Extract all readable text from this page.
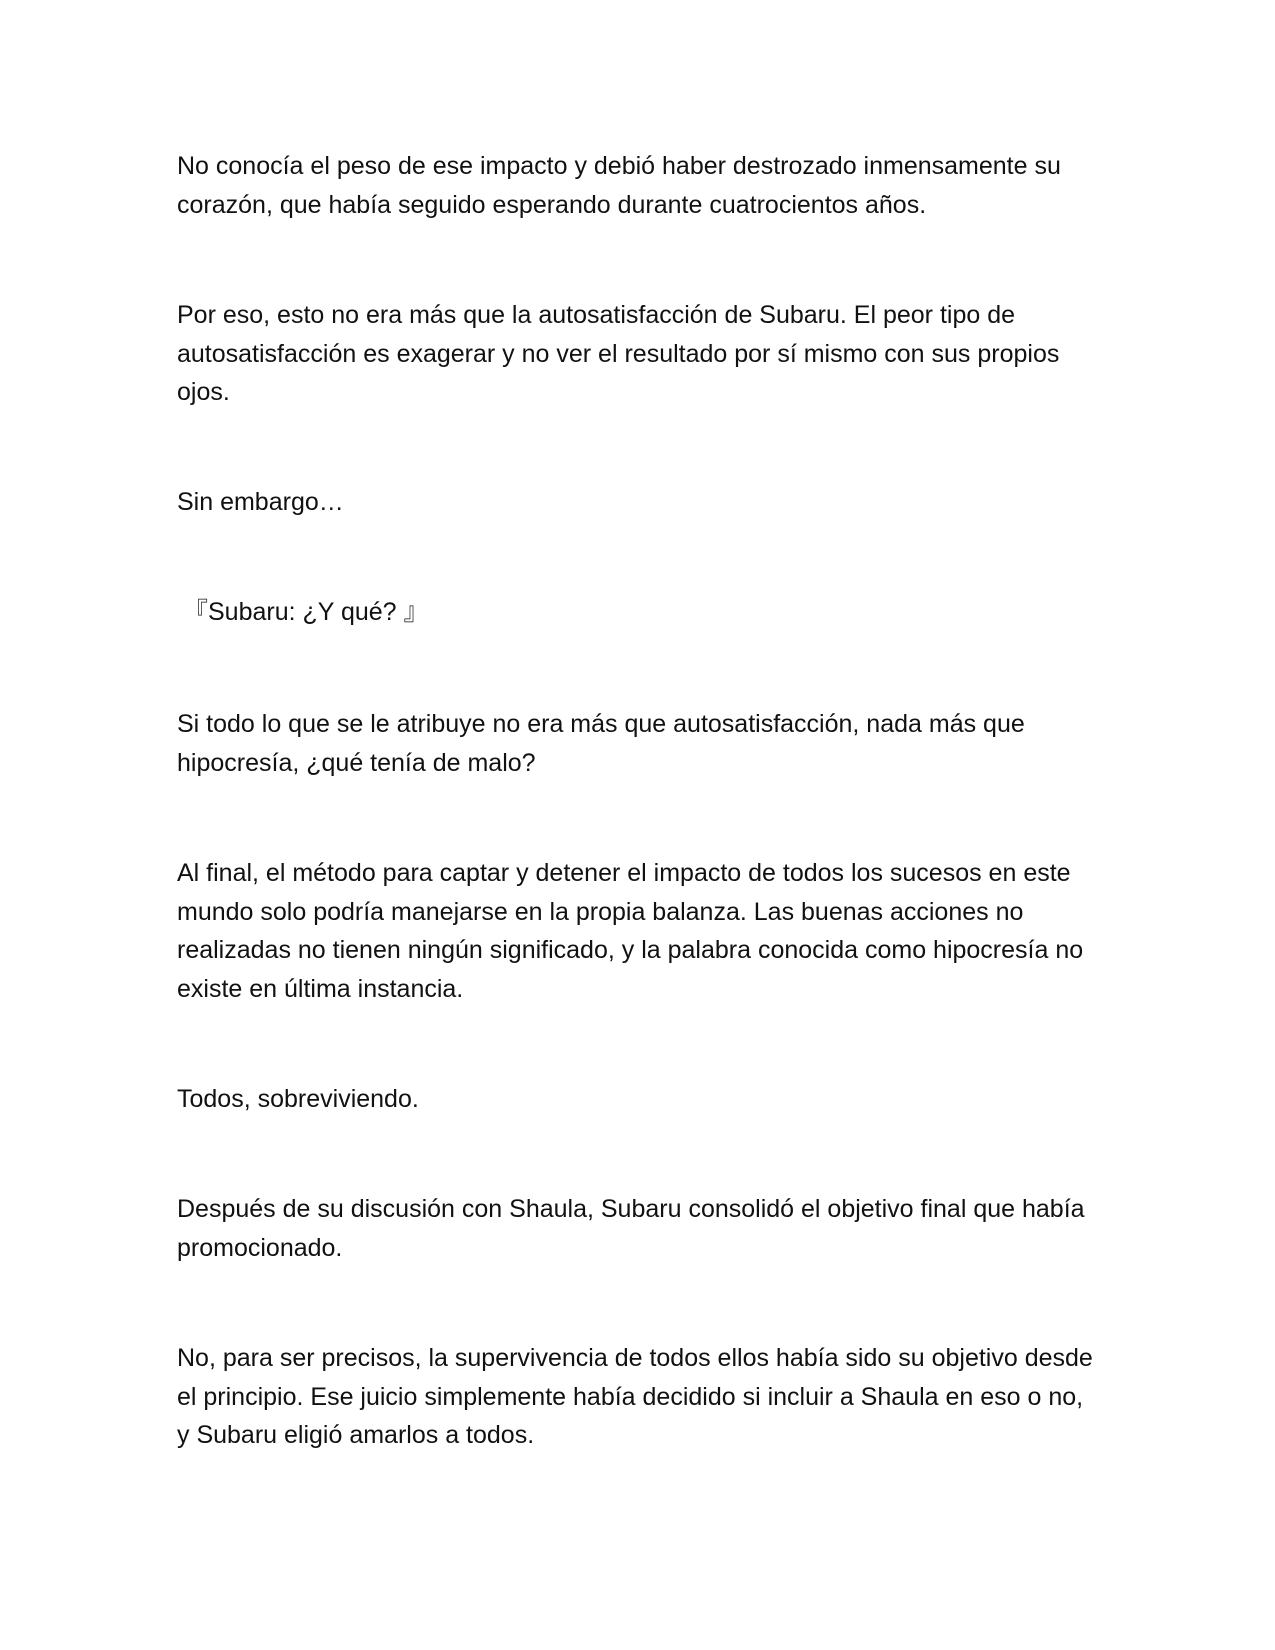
No conocía el peso de ese impacto y debió haber destrozado inmensamente su corazón, que había seguido esperando durante cuatrocientos años.

Por eso, esto no era más que la autosatisfacción de Subaru. El peor tipo de autosatisfacción es exagerar y no ver el resultado por sí mismo con sus propios ojos.

Sin embargo…

『Subaru: ¿Y qué? 』

Si todo lo que se le atribuye no era más que autosatisfacción, nada más que hipocresía, ¿qué tenía de malo?

Al final, el método para captar y detener el impacto de todos los sucesos en este mundo solo podría manejarse en la propia balanza. Las buenas acciones no realizadas no tienen ningún significado, y la palabra conocida como hipocresía no existe en última instancia.

Todos, sobreviviendo.

Después de su discusión con Shaula, Subaru consolidó el objetivo final que había promocionado.

No, para ser precisos, la supervivencia de todos ellos había sido su objetivo desde el principio. Ese juicio simplemente había decidido si incluir a Shaula en eso o no, y Subaru eligió amarlos a todos.
